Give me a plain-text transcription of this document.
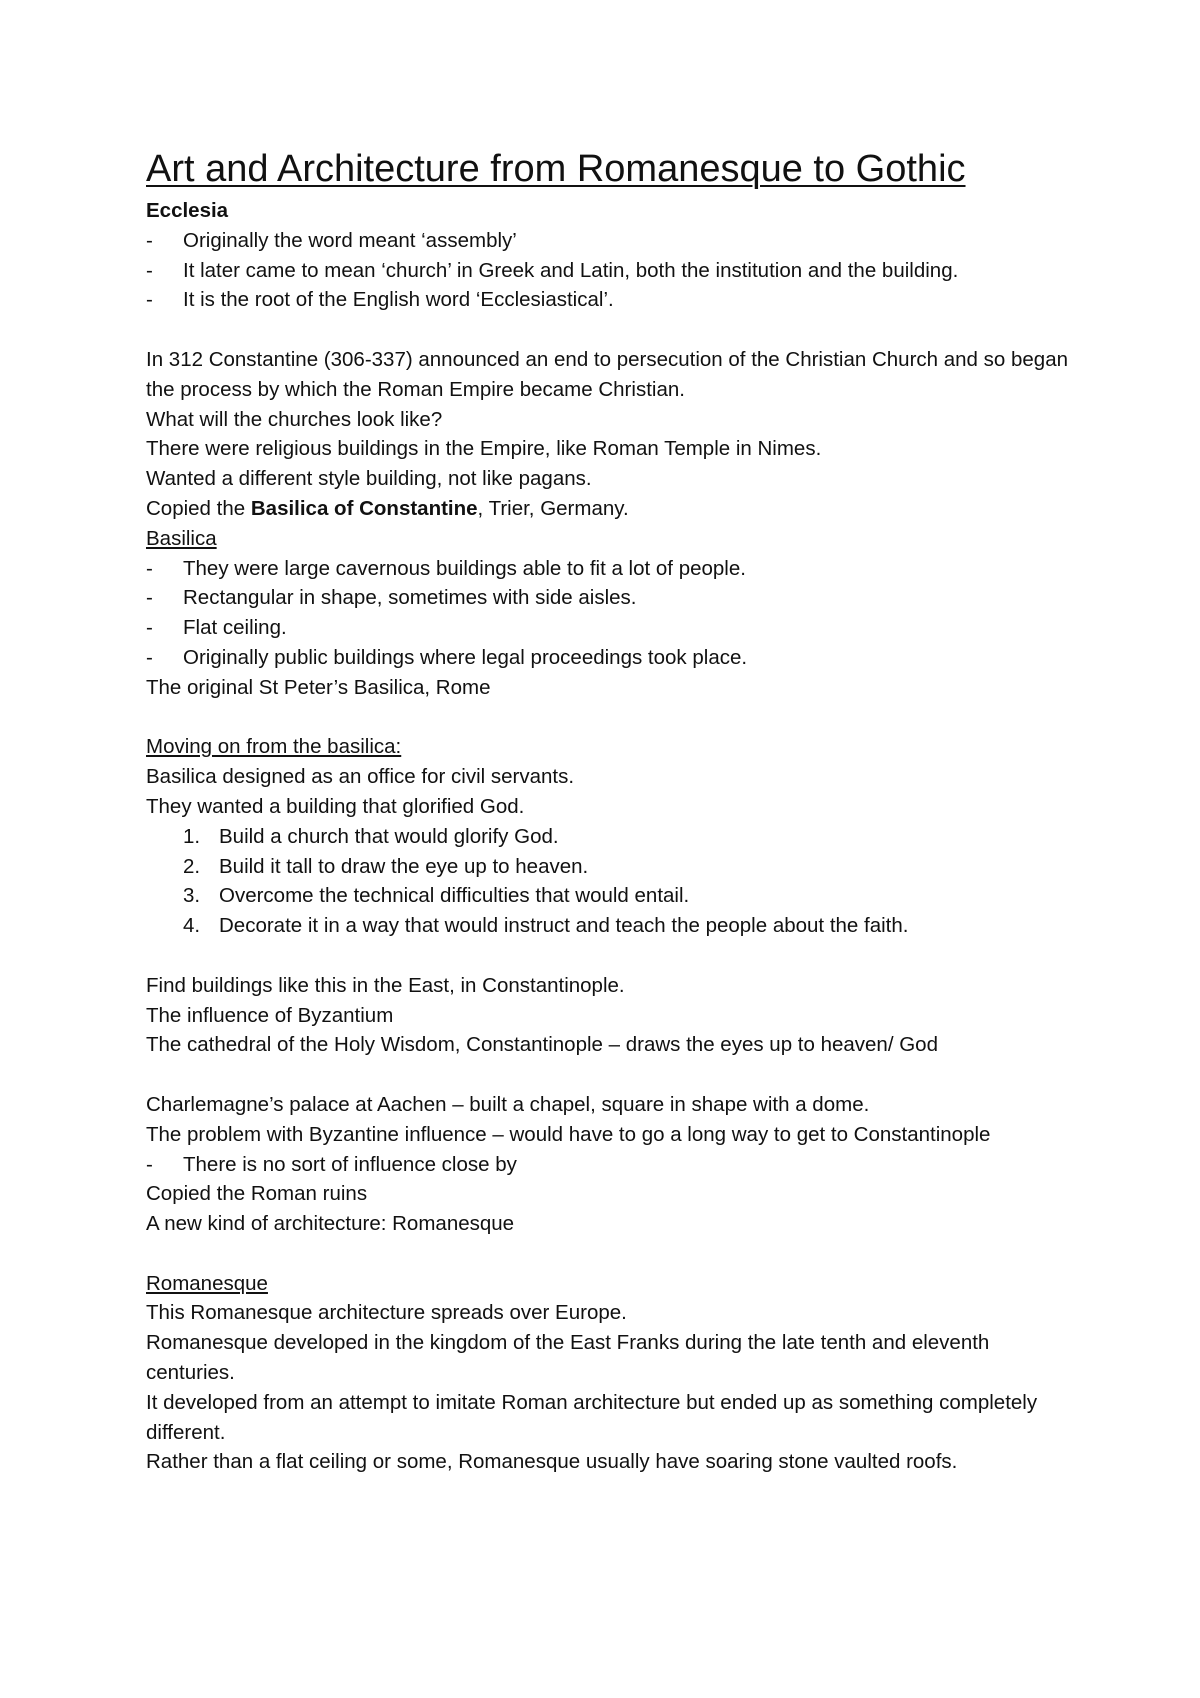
Art and Architecture from Romanesque to Gothic
Ecclesia
- Originally the word meant ‘assembly’
- It later came to mean ‘church’ in Greek and Latin, both the institution and the building.
- It is the root of the English word ‘Ecclesiastical’.
In 312 Constantine (306-337) announced an end to persecution of the Christian Church and so began the process by which the Roman Empire became Christian.
What will the churches look like?
There were religious buildings in the Empire, like Roman Temple in Nimes.
Wanted a different style building, not like pagans.
Copied the Basilica of Constantine, Trier, Germany.
Basilica
- They were large cavernous buildings able to fit a lot of people.
- Rectangular in shape, sometimes with side aisles.
- Flat ceiling.
- Originally public buildings where legal proceedings took place.
The original St Peter’s Basilica, Rome
Moving on from the basilica:
Basilica designed as an office for civil servants.
They wanted a building that glorified God.
1. Build a church that would glorify God.
2. Build it tall to draw the eye up to heaven.
3. Overcome the technical difficulties that would entail.
4. Decorate it in a way that would instruct and teach the people about the faith.
Find buildings like this in the East, in Constantinople.
The influence of Byzantium
The cathedral of the Holy Wisdom, Constantinople – draws the eyes up to heaven/ God
Charlemagne’s palace at Aachen – built a chapel, square in shape with a dome.
The problem with Byzantine influence – would have to go a long way to get to Constantinople
- There is no sort of influence close by
Copied the Roman ruins
A new kind of architecture: Romanesque
Romanesque
This Romanesque architecture spreads over Europe.
Romanesque developed in the kingdom of the East Franks during the late tenth and eleventh centuries.
It developed from an attempt to imitate Roman architecture but ended up as something completely different.
Rather than a flat ceiling or some, Romanesque usually have soaring stone vaulted roofs.
